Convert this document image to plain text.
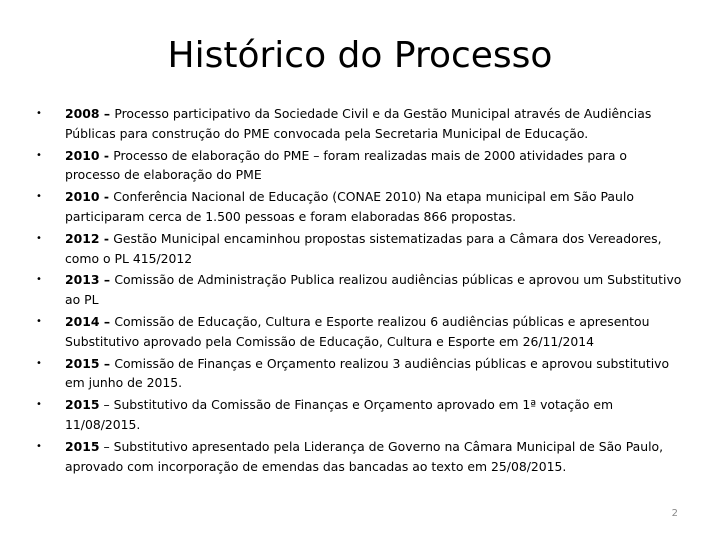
Histórico do Processo
• 2008 – Processo participativo da Sociedade Civil e da Gestão Municipal através de Audiências Públicas para construção do PME convocada pela Secretaria Municipal de Educação.
• 2010 - Processo de elaboração do PME – foram realizadas mais de 2000 atividades para o processo de elaboração do PME
• 2010 - Conferência Nacional de Educação (CONAE 2010) Na etapa municipal em São Paulo participaram cerca de 1.500 pessoas e foram elaboradas 866 propostas.
• 2012 - Gestão Municipal encaminhou propostas sistematizadas para a Câmara dos Vereadores, como o PL 415/2012
• 2013 – Comissão de Administração Publica realizou audiências públicas e aprovou um Substitutivo ao PL
• 2014 – Comissão de Educação, Cultura e Esporte realizou 6 audiências públicas e apresentou Substitutivo aprovado pela Comissão de Educação, Cultura e Esporte em 26/11/2014
• 2015 – Comissão de Finanças e Orçamento realizou 3 audiências públicas e aprovou substitutivo em junho de 2015.
• 2015 – Substitutivo da Comissão de Finanças e Orçamento aprovado em 1ª votação em 11/08/2015.
• 2015 – Substitutivo apresentado pela Liderança de Governo na Câmara Municipal de São Paulo, aprovado com incorporação de emendas das bancadas ao texto em 25/08/2015.
2
